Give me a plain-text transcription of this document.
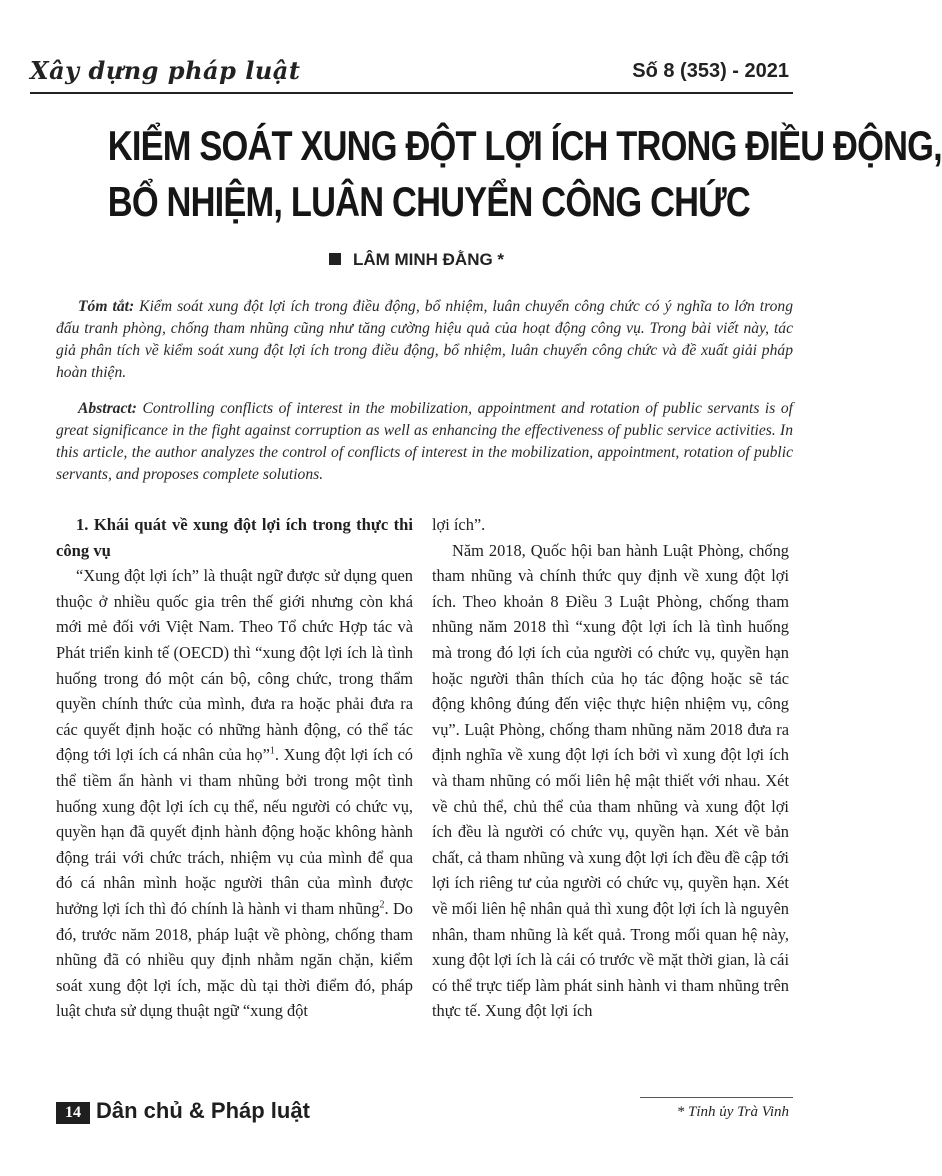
Xây dựng pháp luật	Số 8 (353) - 2021
KIỂM SOÁT XUNG ĐỘT LỢI ÍCH TRONG ĐIỀU ĐỘNG,
BỔ NHIỆM, LUÂN CHUYỂN CÔNG CHỨC
LÂM MINH ĐẰNG *
Tóm tắt: Kiểm soát xung đột lợi ích trong điều động, bổ nhiệm, luân chuyển công chức có ý nghĩa to lớn trong đấu tranh phòng, chống tham nhũng cũng như tăng cường hiệu quả của hoạt động công vụ. Trong bài viết này, tác giả phân tích về kiểm soát xung đột lợi ích trong điều động, bổ nhiệm, luân chuyển công chức và đề xuất giải pháp hoàn thiện.
Abstract: Controlling conflicts of interest in the mobilization, appointment and rotation of public servants is of great significance in the fight against corruption as well as enhancing the effectiveness of public service activities. In this article, the author analyzes the control of conflicts of interest in the mobilization, appointment, rotation of public servants, and proposes complete solutions.
1. Khái quát về xung đột lợi ích trong thực thi công vụ

“Xung đột lợi ích” là thuật ngữ được sử dụng quen thuộc ở nhiều quốc gia trên thế giới nhưng còn khá mới mẻ đối với Việt Nam. Theo Tổ chức Hợp tác và Phát triển kinh tế (OECD) thì “xung đột lợi ích là tình huống trong đó một cán bộ, công chức, trong thẩm quyền chính thức của mình, đưa ra hoặc phải đưa ra các quyết định hoặc có những hành động, có thể tác động tới lợi ích cá nhân của họ”$^1$. Xung đột lợi ích có thể tiềm ẩn hành vi tham nhũng bởi trong một tình huống xung đột lợi ích cụ thể, nếu người có chức vụ, quyền hạn đã quyết định hành động hoặc không hành động trái với chức trách, nhiệm vụ của mình để qua đó cá nhân mình hoặc người thân của mình được hưởng lợi ích thì đó chính là hành vi tham nhũng$^2$. Do đó, trước năm 2018, pháp luật về phòng, chống tham nhũng đã có nhiều quy định nhằm ngăn chặn, kiểm soát xung đột lợi ích, mặc dù tại thời điểm đó, pháp luật chưa sử dụng thuật ngữ “xung đột

lợi ích”.

Năm 2018, Quốc hội ban hành Luật Phòng, chống tham nhũng và chính thức quy định về xung đột lợi ích. Theo khoản 8 Điều 3 Luật Phòng, chống tham nhũng năm 2018 thì “xung đột lợi ích là tình huống mà trong đó lợi ích của người có chức vụ, quyền hạn hoặc người thân thích của họ tác động hoặc sẽ tác động không đúng đến việc thực hiện nhiệm vụ, công vụ”. Luật Phòng, chống tham nhũng năm 2018 đưa ra định nghĩa về xung đột lợi ích bởi vì xung đột lợi ích và tham nhũng có mối liên hệ mật thiết với nhau. Xét về chủ thể, chủ thể của tham nhũng và xung đột lợi ích đều là người có chức vụ, quyền hạn. Xét về bản chất, cả tham nhũng và xung đột lợi ích đều đề cập tới lợi ích riêng tư của người có chức vụ, quyền hạn. Xét về mối liên hệ nhân quả thì xung đột lợi ích là nguyên nhân, tham nhũng là kết quả. Trong mối quan hệ này, xung đột lợi ích là cái có trước về mặt thời gian, là cái có thể trực tiếp làm phát sinh hành vi tham nhũng trên thực tế. Xung đột lợi ích

14 Dân chủ & Pháp luật	* Tỉnh ủy Trà Vinh
